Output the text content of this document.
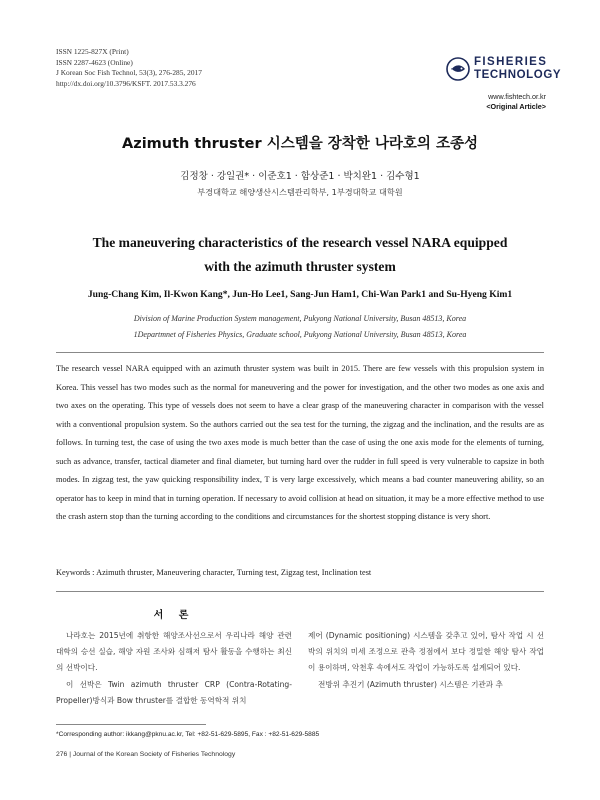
ISSN 1225-827X (Print)
ISSN 2287-4623 (Online)
J Korean Soc Fish Technol, 53(3), 276-285, 2017
http://dx.doi.org/10.3796/KSFT. 2017.53.3.276
FISHERIES
TECHNOLOGY
www.fishtech.or.kr
<Original Article>
Azimuth thruster 시스템을 장착한 나라호의 조종성
김정창 · 강일권* · 이준호1 · 함상준1 · 박치완1 · 김수형1
부경대학교 해양생산시스템관리학부, 1부경대학교 대학원
The maneuvering characteristics of the research vessel NARA equipped
with the azimuth thruster system
Jung-Chang Kim, Il-Kwon Kang*, Jun-Ho Lee1, Sang-Jun Ham1, Chi-Wan Park1 and Su-Hyeng Kim1
Division of Marine Production System management, Pukyong National University, Busan 48513, Korea
1Departmnet of Fisheries Physics, Graduate school, Pukyong National University, Busan 48513, Korea
The research vessel NARA equipped with an azimuth thruster system was built in 2015. There are few vessels with this propulsion system in Korea. This vessel has two modes such as the normal for maneuvering and the power for investigation, and the other two modes as one axis and two axes on the operating. This type of vessels does not seem to have a clear grasp of the maneuvering character in comparison with the vessel with a conventional propulsion system. So the authors carried out the sea test for the turning, the zigzag and the inclination, and the results are as follows. In turning test, the case of using the two axes mode is much better than the case of using the one axis mode for the elements of turning, such as advance, transfer, tactical diameter and final diameter, but turning hard over the rudder in full speed is very vulnerable to capsize in both modes. In zigzag test, the yaw quicking responsibility index, T is very large excessively, which means a bad counter maneuvering ability, so an operator has to keep in mind that in turning operation. If necessary to avoid collision at head on situation, it may be a more effective method to use the crash astern stop than the turning according to the conditions and circumstances for the shortest stopping distance is very short.
Keywords : Azimuth thruster, Maneuvering character, Turning test, Zigzag test, Inclination test
서 론

나라호는 2015년에 취항한 해양조사선으로서 우리나라 해양 관련 대학의 승선 실습, 해양 자원 조사와 심해저 탐사 활동을 수행하는 최신의 선박이다.

이 선박은 Twin azimuth thruster CRP (Contra-Rotating-Propeller)방식과 Bow thruster를 결합한 동역학적 위치

제어 (Dynamic positioning) 시스템을 갖추고 있어, 탐사 작업 시 선박의 위치의 미세 조정으로 관측 정점에서 보다 정밀한 해양 탐사 작업이 용이하며, 악천후 속에서도 작업이 가능하도록 설계되어 있다.

전방위 추진기 (Azimuth thruster) 시스템은 기관과 추

*Corresponding author: ikkang@pknu.ac.kr, Tel: +82-51-629-5895, Fax : +82-51-629-5885
276 | Journal of the Korean Society of Fisheries Technology
